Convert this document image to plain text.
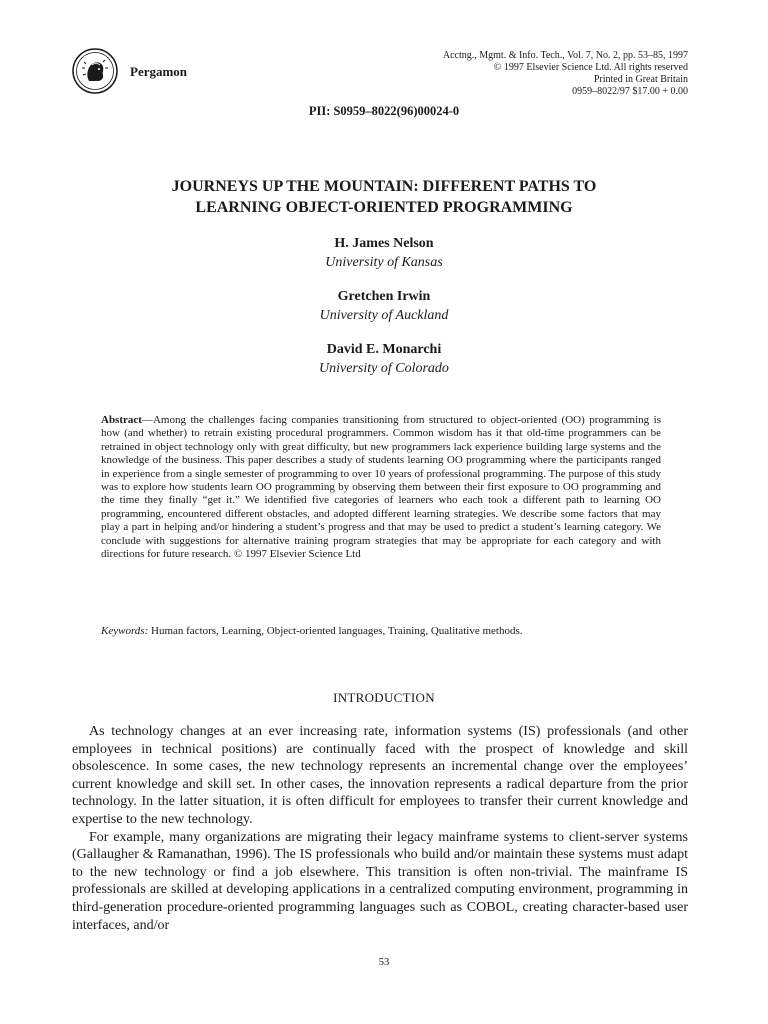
Pergamon
Acctng., Mgmt. & Info. Tech., Vol. 7, No. 2, pp. 53–85, 1997
© 1997 Elsevier Science Ltd. All rights reserved
Printed in Great Britain
0959–8022/97 $17.00 + 0.00
PII: S0959–8022(96)00024-0
JOURNEYS UP THE MOUNTAIN: DIFFERENT PATHS TO
LEARNING OBJECT-ORIENTED PROGRAMMING
H. James Nelson
University of Kansas
Gretchen Irwin
University of Auckland
David E. Monarchi
University of Colorado
Abstract—Among the challenges facing companies transitioning from structured to object-oriented (OO) programming is how (and whether) to retrain existing procedural programmers. Common wisdom has it that old-time programmers can be retrained in object technology only with great difficulty, but new programmers lack experience building large systems and the knowledge of the business. This paper describes a study of students learning OO programming where the participants ranged in experience from a single semester of programming to over 10 years of professional programming. The purpose of this study was to explore how students learn OO programming by observing them between their first exposure to OO programming and the time they finally “get it.” We identified five categories of learners who each took a different path to learning OO programming, encountered different obstacles, and adopted different learning strategies. We describe some factors that may play a part in helping and/or hindering a student’s progress and that may be used to predict a student’s learning category. We conclude with suggestions for alternative training program strategies that may be appropriate for each category and with directions for future research. © 1997 Elsevier Science Ltd
Keywords: Human factors, Learning, Object-oriented languages, Training, Qualitative methods.
INTRODUCTION

As technology changes at an ever increasing rate, information systems (IS) professionals (and other employees in technical positions) are continually faced with the prospect of knowledge and skill obsolescence. In some cases, the new technology represents an incremental change over the employees’ current knowledge and skill set. In other cases, the innovation represents a radical departure from the prior technology. In the latter situation, it is often difficult for employees to transfer their current knowledge and expertise to the new technology.

For example, many organizations are migrating their legacy mainframe systems to client-server systems (Gallaugher & Ramanathan, 1996). The IS professionals who build and/or maintain these systems must adapt to the new technology or find a job elsewhere. This transition is often non-trivial. The mainframe IS professionals are skilled at developing applications in a centralized computing environment, programming in third-generation procedure-oriented programming languages such as COBOL, creating character-based user interfaces, and/or

53
